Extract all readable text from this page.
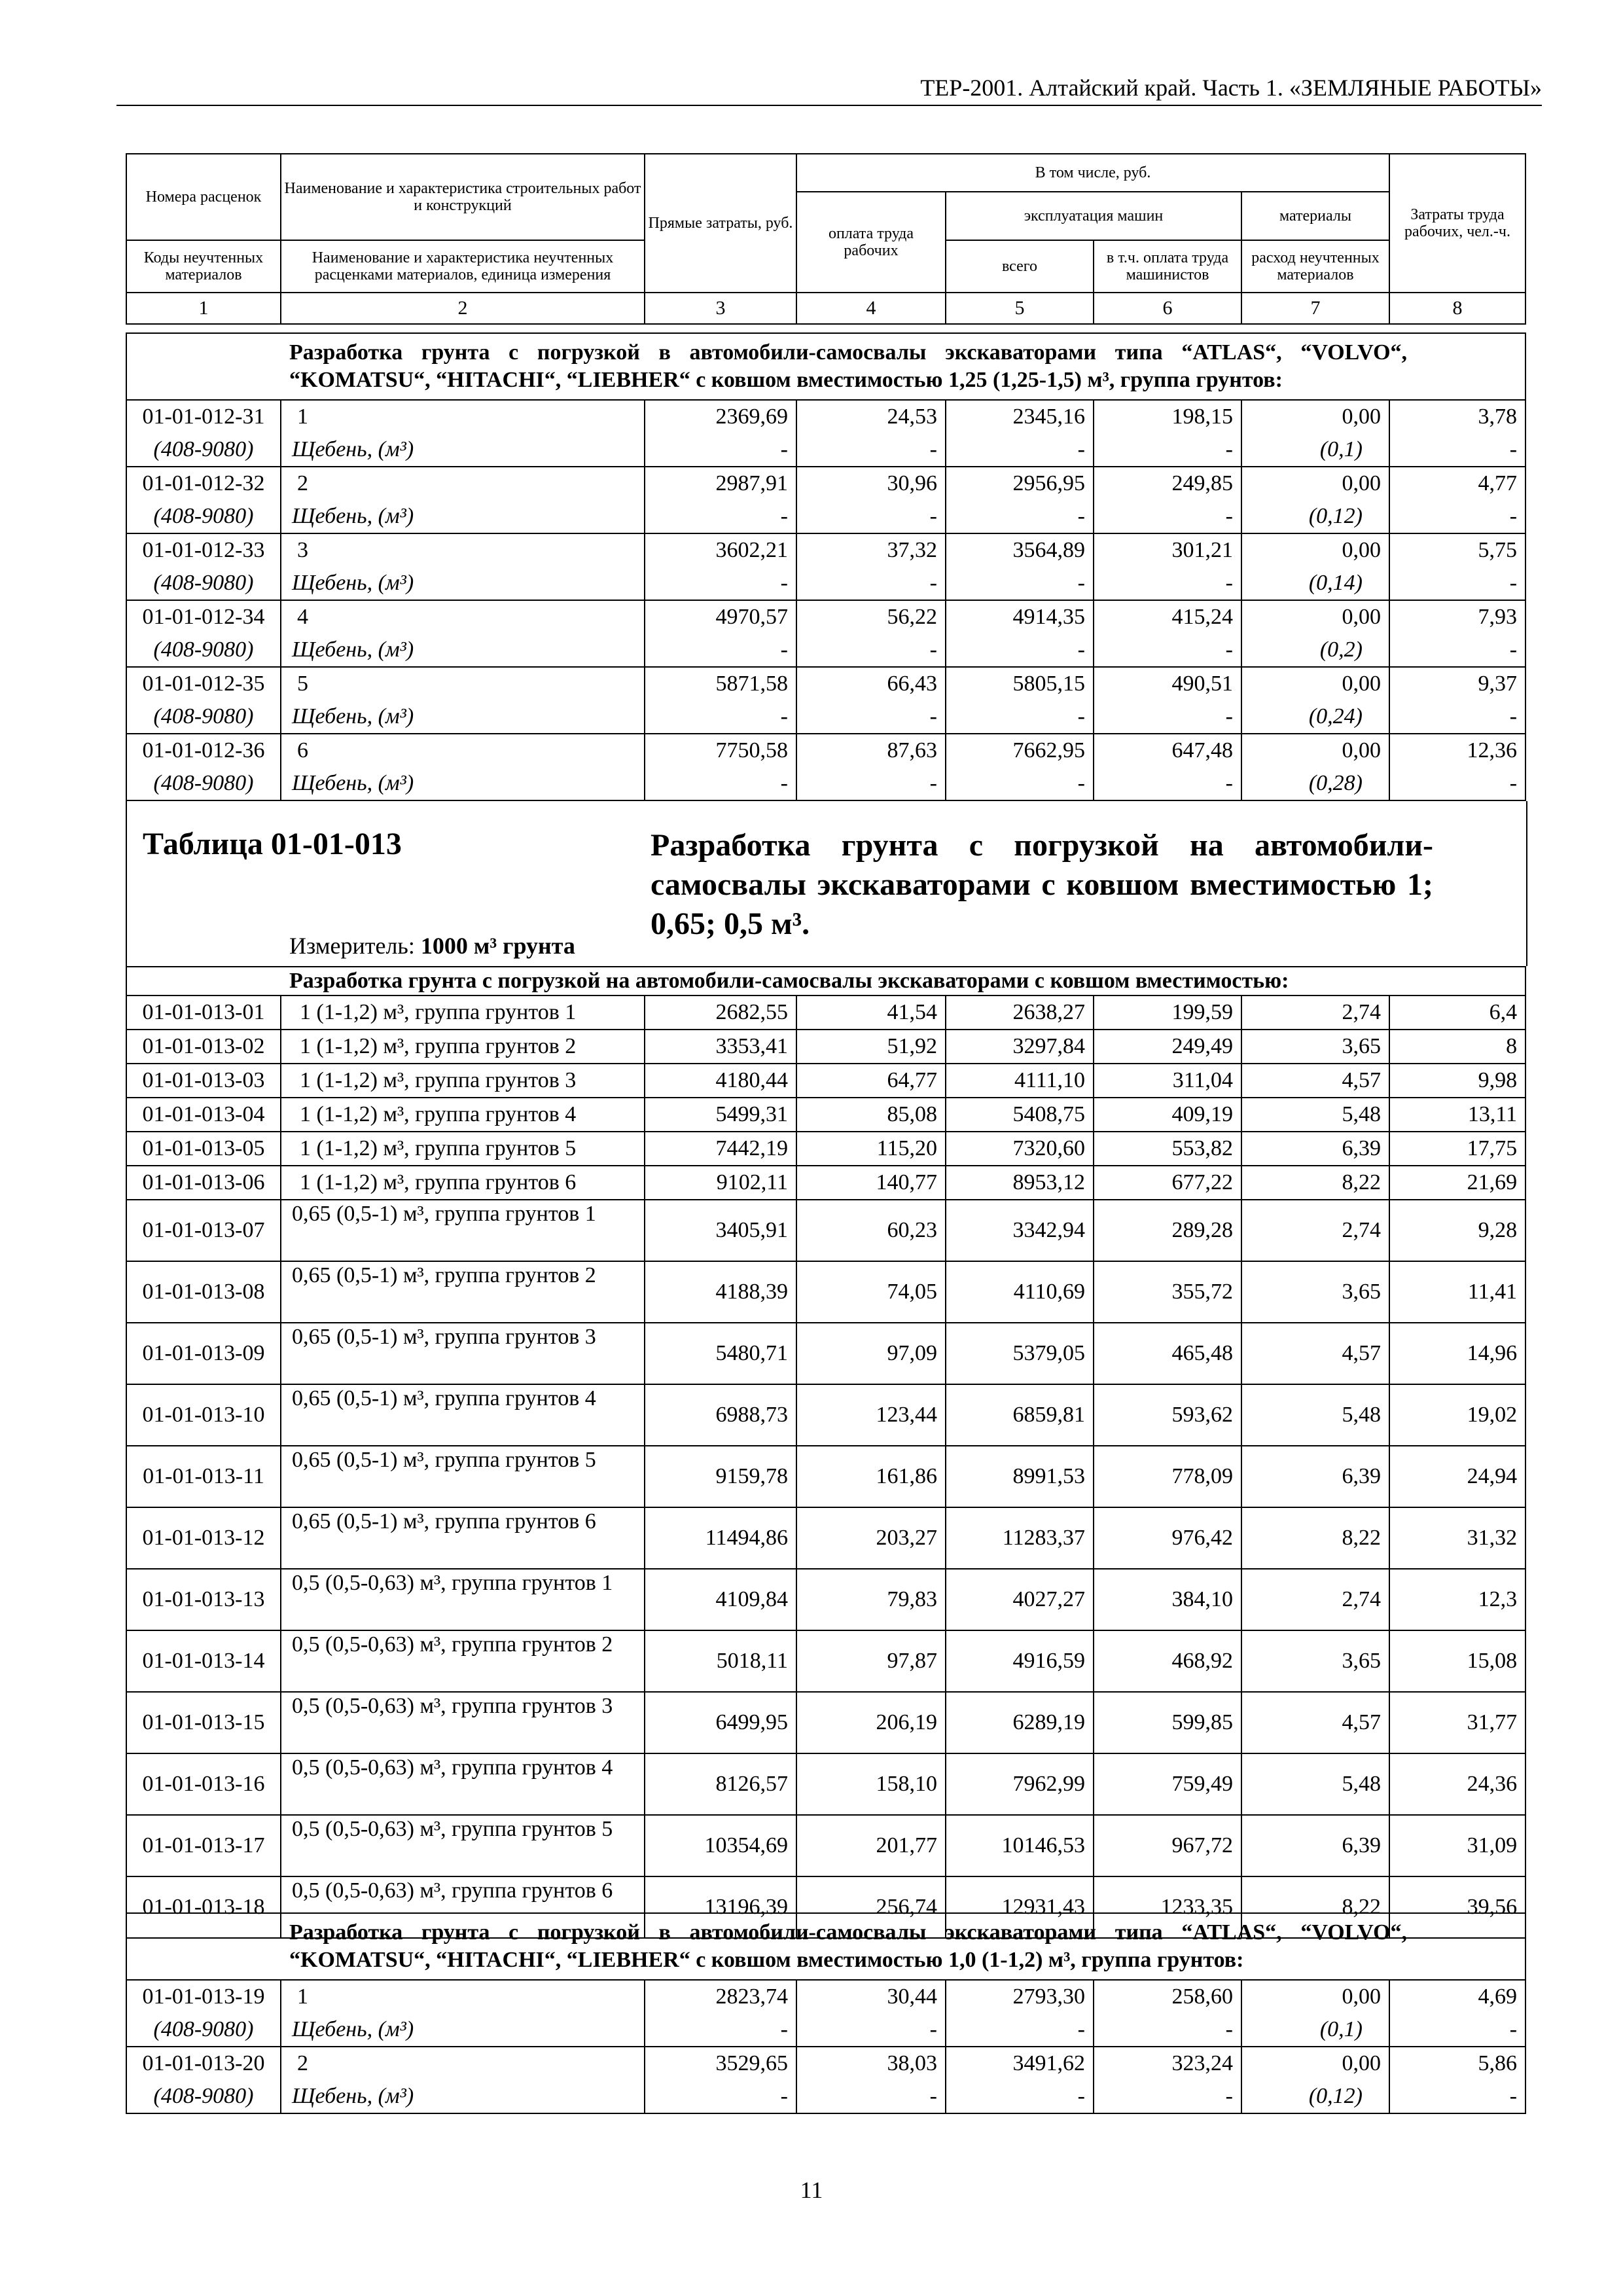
ТЕР-2001. Алтайский край. Часть 1. «ЗЕМЛЯНЫЕ РАБОТЫ»
Номера расценок	Наименование и характеристика строительных работ и конструкций	Прямые затраты, руб.	В том числе, руб.				Затраты труда рабочих, чел.-ч.
			оплата труда рабочих	эксплуатация машин		материалы	
Коды неучтенных материалов	Наименование и характеристика неучтенных расценками материалов, единица измерения			всего	в т.ч. оплата труда машинистов	расход неучтенных материалов	

1	2	3	4	5	6	7	8
Разработка грунта с погрузкой в автомобили-самосвалы экскаваторами типа “ATLAS“, “VOLVO“, “KOMATSU“, “HITACHI“, “LIEBHER“ с ковшом вместимостью 1,25 (1,25-1,5) м³, группа грунтов:							
01-01-012-31	1	2369,69	24,53	2345,16	198,15	0,00	3,78
(408-9080)	Щебень, (м³)	-	-	-	-	(0,1)	-
01-01-012-32	2	2987,91	30,96	2956,95	249,85	0,00	4,77
(408-9080)	Щебень, (м³)	-	-	-	-	(0,12)	-
01-01-012-33	3	3602,21	37,32	3564,89	301,21	0,00	5,75
(408-9080)	Щебень, (м³)	-	-	-	-	(0,14)	-
01-01-012-34	4	4970,57	56,22	4914,35	415,24	0,00	7,93
(408-9080)	Щебень, (м³)	-	-	-	-	(0,2)	-
01-01-012-35	5	5871,58	66,43	5805,15	490,51	0,00	9,37
(408-9080)	Щебень, (м³)	-	-	-	-	(0,24)	-
01-01-012-36	6	7750,58	87,63	7662,95	647,48	0,00	12,36
(408-9080)	Щебень, (м³)	-	-	-	-	(0,28)	-
Таблица 01-01-013	Разработка грунта с погрузкой на автомобили-самосвалы экскаваторами с ковшом вместимостью 1; 0,65; 0,5 м³.
Измеритель: 1000 м³ грунта
Разработка грунта с погрузкой на автомобили-самосвалы экскаваторами с ковшом вместимостью:							
01-01-013-01	1 (1-1,2) м³, группа грунтов 1	2682,55	41,54	2638,27	199,59	2,74	6,4
01-01-013-02	1 (1-1,2) м³, группа грунтов 2	3353,41	51,92	3297,84	249,49	3,65	8
01-01-013-03	1 (1-1,2) м³, группа грунтов 3	4180,44	64,77	4111,10	311,04	4,57	9,98
01-01-013-04	1 (1-1,2) м³, группа грунтов 4	5499,31	85,08	5408,75	409,19	5,48	13,11
01-01-013-05	1 (1-1,2) м³, группа грунтов 5	7442,19	115,20	7320,60	553,82	6,39	17,75
01-01-013-06	1 (1-1,2) м³, группа грунтов 6	9102,11	140,77	8953,12	677,22	8,22	21,69
01-01-013-07	0,65 (0,5-1) м³, группа грунтов 1	3405,91	60,23	3342,94	289,28	2,74	9,28
01-01-013-08	0,65 (0,5-1) м³, группа грунтов 2	4188,39	74,05	4110,69	355,72	3,65	11,41
01-01-013-09	0,65 (0,5-1) м³, группа грунтов 3	5480,71	97,09	5379,05	465,48	4,57	14,96
01-01-013-10	0,65 (0,5-1) м³, группа грунтов 4	6988,73	123,44	6859,81	593,62	5,48	19,02
01-01-013-11	0,65 (0,5-1) м³, группа грунтов 5	9159,78	161,86	8991,53	778,09	6,39	24,94
01-01-013-12	0,65 (0,5-1) м³, группа грунтов 6	11494,86	203,27	11283,37	976,42	8,22	31,32
01-01-013-13	0,5 (0,5-0,63) м³, группа грунтов 1	4109,84	79,83	4027,27	384,10	2,74	12,3
01-01-013-14	0,5 (0,5-0,63) м³, группа грунтов 2	5018,11	97,87	4916,59	468,92	3,65	15,08
01-01-013-15	0,5 (0,5-0,63) м³, группа грунтов 3	6499,95	206,19	6289,19	599,85	4,57	31,77
01-01-013-16	0,5 (0,5-0,63) м³, группа грунтов 4	8126,57	158,10	7962,99	759,49	5,48	24,36
01-01-013-17	0,5 (0,5-0,63) м³, группа грунтов 5	10354,69	201,77	10146,53	967,72	6,39	31,09
01-01-013-18	0,5 (0,5-0,63) м³, группа грунтов 6	13196,39	256,74	12931,43	1233,35	8,22	39,56
Разработка грунта с погрузкой в автомобили-самосвалы экскаваторами типа “ATLAS“, “VOLVO“, “KOMATSU“, “HITACHI“, “LIEBHER“ с ковшом вместимостью 1,0 (1-1,2) м³, группа грунтов:							
01-01-013-19	1	2823,74	30,44	2793,30	258,60	0,00	4,69
(408-9080)	Щебень, (м³)	-	-	-	-	(0,1)	-
01-01-013-20	2	3529,65	38,03	3491,62	323,24	0,00	5,86
(408-9080)	Щебень, (м³)	-	-	-	-	(0,12)	-
11
